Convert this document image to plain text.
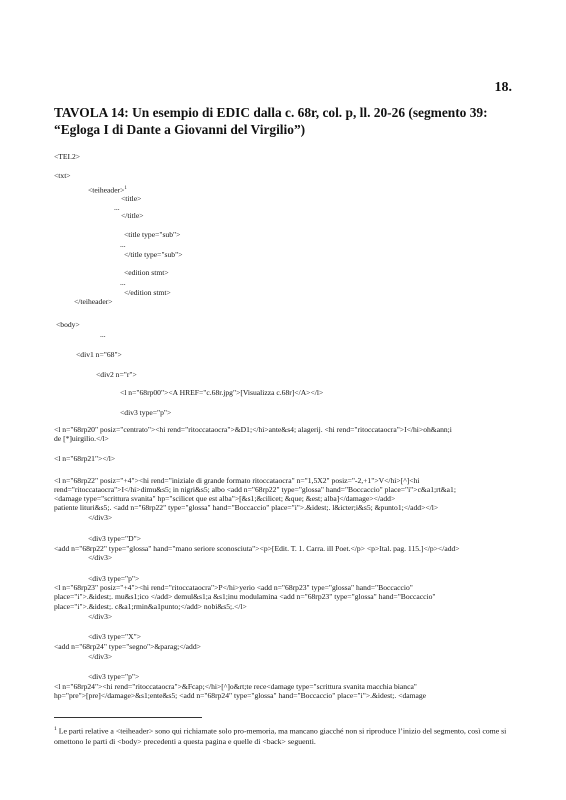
18.
TAVOLA 14: Un esempio di EDIC dalla c. 68r, col. p, ll. 20-26 (segmento 39: “Egloga I di Dante a Giovanni del Virgilio”)
<TEI.2>
<txt>
<teiheader>$^1$
<title>
...
</title>
<title type="sub">
...
</title type="sub">
<edition stmt>
...
</edition stmt>
</teiheader>
<body>
...
<div1 n="68">
<div2 n="r">
<l n="68rp00"><A HREF="c.68r.jpg">[Visualizza c.68r]</A></l>
<div3 type="p">
<l n="68rp20" posiz="centrato"><hi rend="ritoccataocra">&D1;</hi>ante&s4; alagerij. <hi rend="ritoccataocra">I</hi>oh&ann;i
de [*]uirgilio.</l>
<l n="68rp21"></l>
<l n="68rp22" posiz="+4"><hi rend="iniziale di grande formato ritoccataocra" n="1,5X2" posiz="-2,+1">V</hi>[^]<hi
rend="ritoccataocra">I</hi>dimu&s5; in nigri&s5; albo <add n="68rp22" type="glossa" hand="Boccaccio" place="i">c&a1;rt&a1;
<damage type="scrittura svanita" hp="scilicet que est alba">[&s1;&cilicet; &que; &est; alba]</damage></add>
patiente lituri&s5;. <add n="68rp22" type="glossa" hand="Boccaccio" place="i">.&idest;. l&icter;i&s5; &punto1;</add></l>
</div3>
<div3 type="D">
<add n="68rp22" type="glossa" hand="mano seriore sconosciuta"><p>[Edit. T. 1. Carra. ill Poet.</p> <p>Ital. pag. 115.]</p></add>
</div3>
<div3 type="p">
<l n="68rp23" posiz="+4"><hi rend="ritoccataocra">P</hi>yerio <add n="68rp23" type="glossa" hand="Boccaccio"
place="i">.&idest;. mu&s1;ico </add> demul&s1;a &s1;inu modulamina <add n="68rp23" type="glossa" hand="Boccaccio"
place="i">.&idest;. c&a1;rmin&a1punto;</add> nobi&s5;.</l>
</div3>
<div3 type="X">
<add n="68rp24" type="segno">&parag;</add>
</div3>
<div3 type="p">
<l n="68rp24"><hi rend="ritoccataocra">&Fcap;</hi>[^]o&rt;te rece<damage type="scrittura svanita macchia bianca"
hp="pre">[pre]</damage>&s1;ente&s5; <add n="68rp24" type="glossa" hand="Boccaccio" place="i">.&idest;. <damage
$^1$ Le parti relative a <teiheader> sono qui richiamate solo pro-memoria, ma mancano giacché non si riproduce l’inizio del segmento, così come si omettono le parti di <body> precedenti a questa pagina e quelle di <back> seguenti.
